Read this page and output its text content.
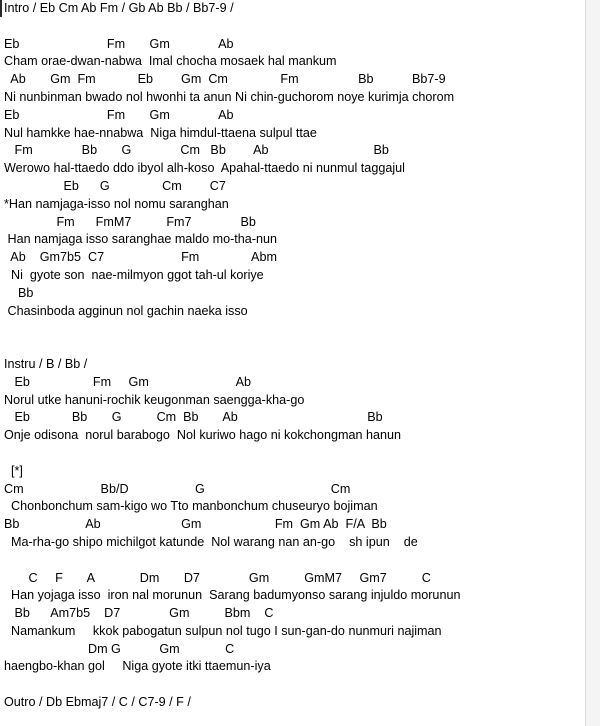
Intro / Eb Cm Ab Fm / Gb Ab Bb / Bb7-9 /
Eb                         Fm       Gm              Ab
Cham orae-dwan-nabwa  Imal chocha mosaek hal mankum
Ab       Gm  Fm            Eb        Gm  Cm               Fm                 Bb           Bb7-9
Ni nunbinman bwado nol hwonhi ta anun Ni chin-guchorom noye kurimja chorom
Eb                         Fm       Gm              Ab
Nul hamkke hae-nnabwa  Niga himdul-ttaena sulpul ttae
Fm              Bb       G              Cm   Bb        Ab                              Bb
Werowo hal-ttaedo ddo ibyol alh-koso  Apahal-ttaedo ni nunmul taggajul
Eb      G               Cm        C7
*Han namjaga-isso nol nomu saranghan
Fm      FmM7          Fm7              Bb
Han namjaga isso saranghae maldo mo-tha-nun
Ab    Gm7b5  C7                      Fm               Abm
Ni  gyote son  nae-milmyon ggot tah-ul koriye
Bb
Chasinboda agginun nol gachin naeka isso
Instru / B / Bb /
Eb                  Fm     Gm                         Ab
Norul utke hanuni-rochik keugonman saengga-kha-go
Eb            Bb       G          Cm  Bb       Ab                                     Bb
Onje odisona  norul barabogo  Nol kuriwo hago ni kokchongman hanun
[*]
Cm                      Bb/D                   G                                    Cm
Chonbonchum sam-kigo wo Tto manbonchum chuseuryo bojiman
Bb                   Ab                       Gm                     Fm  Gm Ab  F/A  Bb
Ma-rha-go shipo michilgot katunde  Nol warang nan an-go    sh ipun    de
C     F       A             Dm       D7              Gm          GmM7     Gm7          C
Han yojaga isso  iron nal morunun  Sarang badumyonso sarang injuldo morunun
Bb      Am7b5    D7              Gm          Bbm    C
Namankum     kkok pabogatun sulpun nol tugo I sun-gan-do nunmuri najiman
Dm G           Gm             C
haengbo-khan gol     Niga gyote itki ttaemun-iya
Outro / Db Ebmaj7 / C / C7-9 / F /
